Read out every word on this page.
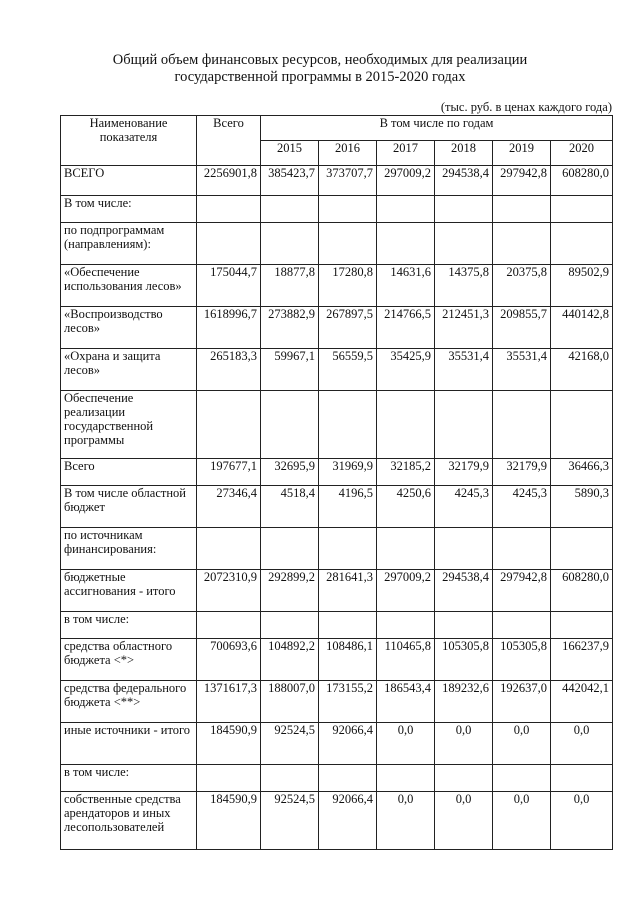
Общий объем финансовых ресурсов, необходимых для реализации
государственной программы в 2015-2020 годах
(тыс. руб. в ценах каждого года)
Наименование показателя	Всего	В том числе по годам					
		2015	2016	2017	2018	2019	2020
ВСЕГО	2256901,8	385423,7	373707,7	297009,2	294538,4	297942,8	608280,0
В том числе:							
по подпрограммам (направлениям):							
«Обеспечение использования лесов»	175044,7	18877,8	17280,8	14631,6	14375,8	20375,8	89502,9
«Воспроизводство лесов»	1618996,7	273882,9	267897,5	214766,5	212451,3	209855,7	440142,8
«Охрана и защита лесов»	265183,3	59967,1	56559,5	35425,9	35531,4	35531,4	42168,0
Обеспечение реализации государственной программы							
Всего	197677,1	32695,9	31969,9	32185,2	32179,9	32179,9	36466,3
В том числе областной бюджет	27346,4	4518,4	4196,5	4250,6	4245,3	4245,3	5890,3
по источникам финансирования:							
бюджетные ассигнования - итого	2072310,9	292899,2	281641,3	297009,2	294538,4	297942,8	608280,0
в том числе:							
средства областного бюджета <*>	700693,6	104892,2	108486,1	110465,8	105305,8	105305,8	166237,9
средства федерального бюджета <**>	1371617,3	188007,0	173155,2	186543,4	189232,6	192637,0	442042,1
иные источники - итого	184590,9	92524,5	92066,4	0,0	0,0	0,0	0,0
в том числе:							
собственные средства арендаторов и иных лесопользователей	184590,9	92524,5	92066,4	0,0	0,0	0,0	0,0
